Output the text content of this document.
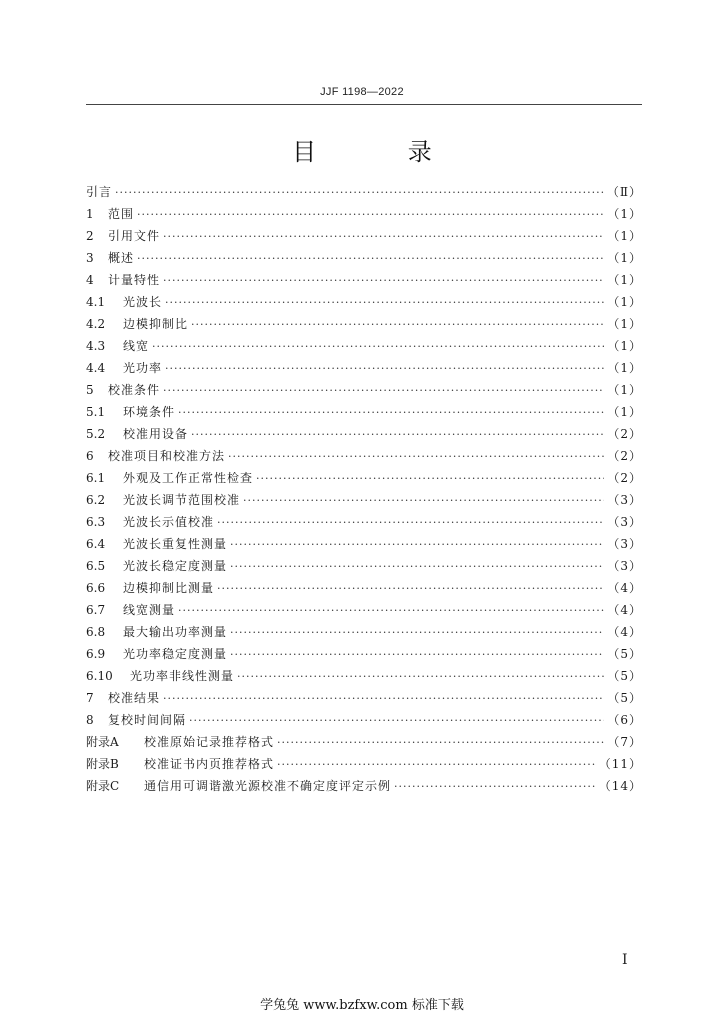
JJF 1198—2022
目 录
引言 ·····	（Ⅱ）
1	范围 ·····	（1）
2	引用文件 ·····	（1）
3	概述 ·····	（1）
4	计量特性 ·····	（1）
4.1	光波长 ·····	（1）
4.2	边模抑制比 ·····	（1）
4.3	线宽 ·····	（1）
4.4	光功率 ·····	（1）
5	校准条件 ·····	（1）
5.1	环境条件 ·····	（1）
5.2	校准用设备 ·····	（2）
6	校准项目和校准方法 ·····	（2）
6.1	外观及工作正常性检查 ·····	（2）
6.2	光波长调节范围校准 ·····	（3）
6.3	光波长示值校准 ·····	（3）
6.4	光波长重复性测量 ·····	（3）
6.5	光波长稳定度测量 ·····	（3）
6.6	边模抑制比测量 ·····	（4）
6.7	线宽测量 ·····	（4）
6.8	最大输出功率测量 ·····	（4）
6.9	光功率稳定度测量 ·····	（5）
6.10	光功率非线性测量 ·····	（5）
7	校准结果 ·····	（5）
8	复校时间间隔 ·····	（6）
附录A	校准原始记录推荐格式 ·····	（7）
附录B	校准证书内页推荐格式 ·····	（11）
附录C	通信用可调谐激光源校准不确定度评定示例 ·····	（14）
Ⅰ
学兔兔 www.bzfxw.com 标准下载
